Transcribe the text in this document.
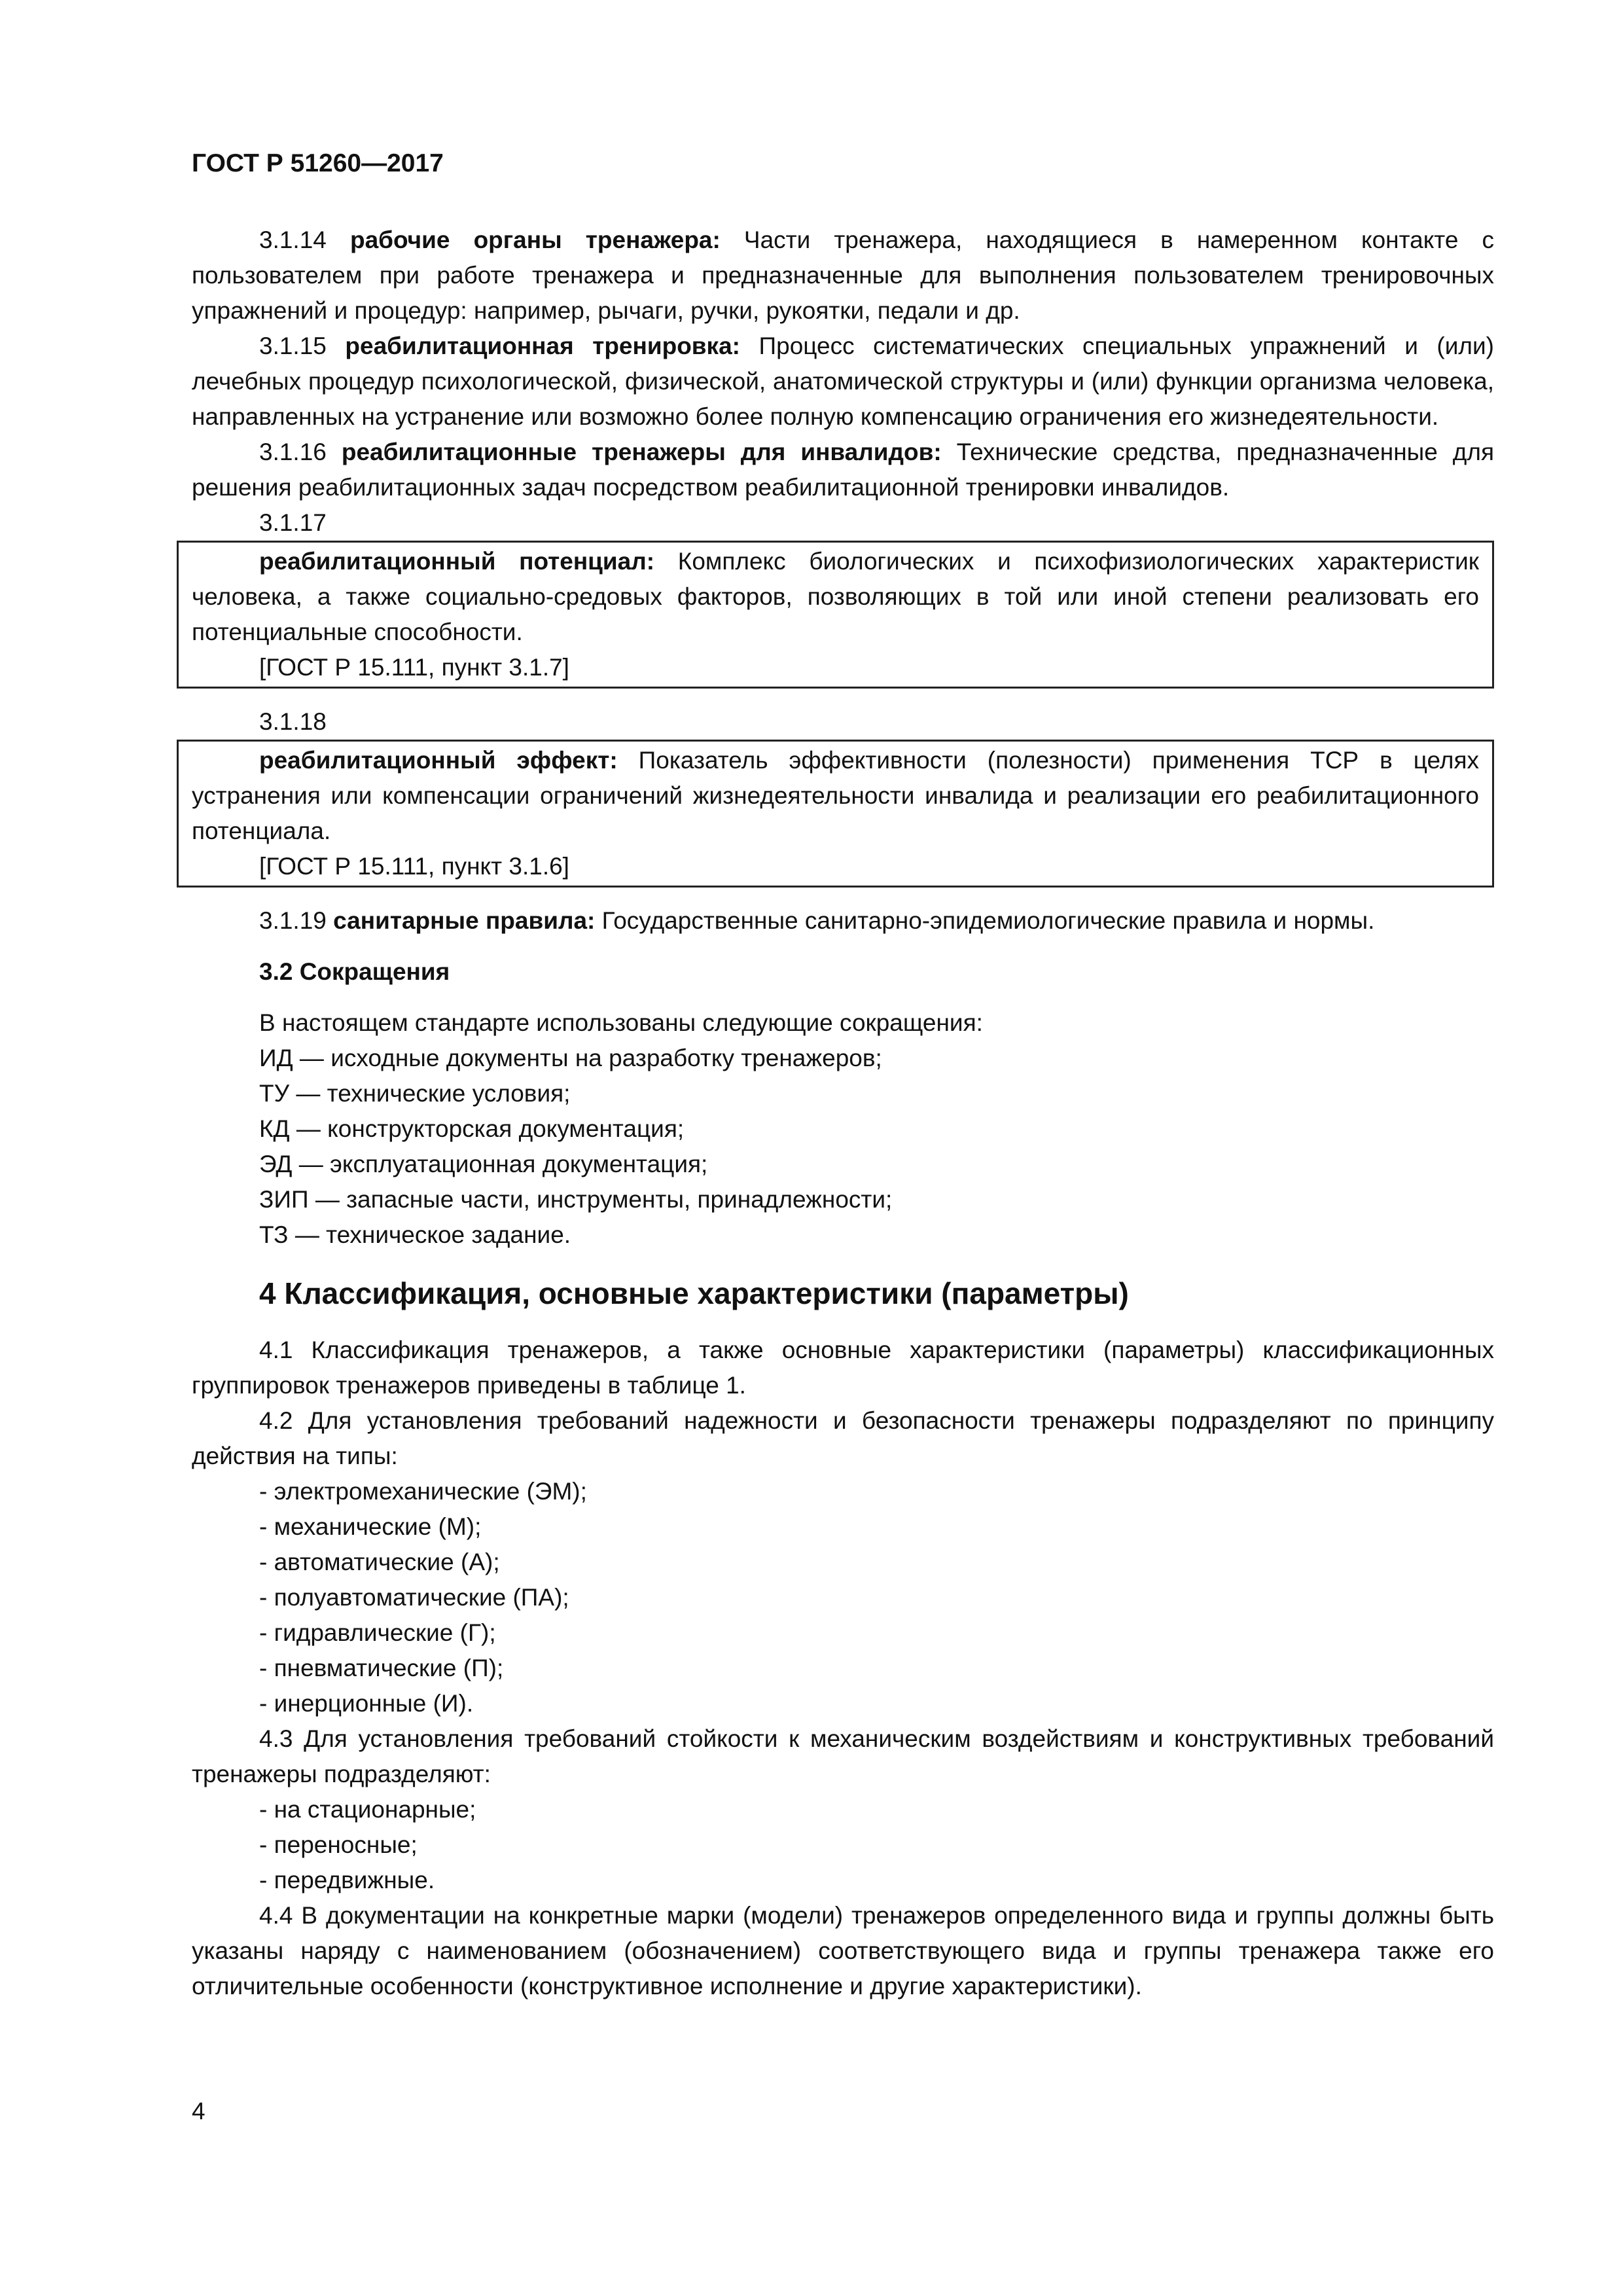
ГОСТ Р 51260—2017

3.1.14 рабочие органы тренажера: Части тренажера, находящиеся в намеренном контакте с пользователем при работе тренажера и предназначенные для выполнения пользователем тренировочных упражнений и процедур: например, рычаги, ручки, рукоятки, педали и др.

3.1.15 реабилитационная тренировка: Процесс систематических специальных упражнений и (или) лечебных процедур психологической, физической, анатомической структуры и (или) функции организма человека, направленных на устранение или возможно более полную компенсацию ограничения его жизнедеятельности.

3.1.16 реабилитационные тренажеры для инвалидов: Технические средства, предназначенные для решения реабилитационных задач посредством реабилитационной тренировки инвалидов.

3.1.17

реабилитационный потенциал: Комплекс биологических и психофизиологических характеристик человека, а также социально-средовых факторов, позволяющих в той или иной степени реализовать его потенциальные способности.

[ГОСТ Р 15.111, пункт 3.1.7]

3.1.18

реабилитационный эффект: Показатель эффективности (полезности) применения ТСР в целях устранения или компенсации ограничений жизнедеятельности инвалида и реализации его реабилитационного потенциала.

[ГОСТ Р 15.111, пункт 3.1.6]

3.1.19 санитарные правила: Государственные санитарно-эпидемиологические правила и нормы.

3.2 Сокращения

В настоящем стандарте использованы следующие сокращения:

ИД — исходные документы на разработку тренажеров;

ТУ — технические условия;

КД — конструкторская документация;

ЭД — эксплуатационная документация;

ЗИП — запасные части, инструменты, принадлежности;

ТЗ — техническое задание.

4 Классификация, основные характеристики (параметры)

4.1 Классификация тренажеров, а также основные характеристики (параметры) классификационных группировок тренажеров приведены в таблице 1.

4.2 Для установления требований надежности и безопасности тренажеры подразделяют по принципу действия на типы:

- электромеханические (ЭМ);

- механические (М);

- автоматические (А);

- полуавтоматические (ПА);

- гидравлические (Г);

- пневматические (П);

- инерционные (И).

4.3 Для установления требований стойкости к механическим воздействиям и конструктивных требований тренажеры подразделяют:

- на стационарные;

- переносные;

- передвижные.

4.4 В документации на конкретные марки (модели) тренажеров определенного вида и группы должны быть указаны наряду с наименованием (обозначением) соответствующего вида и группы тренажера также его отличительные особенности (конструктивное исполнение и другие характеристики).

4
